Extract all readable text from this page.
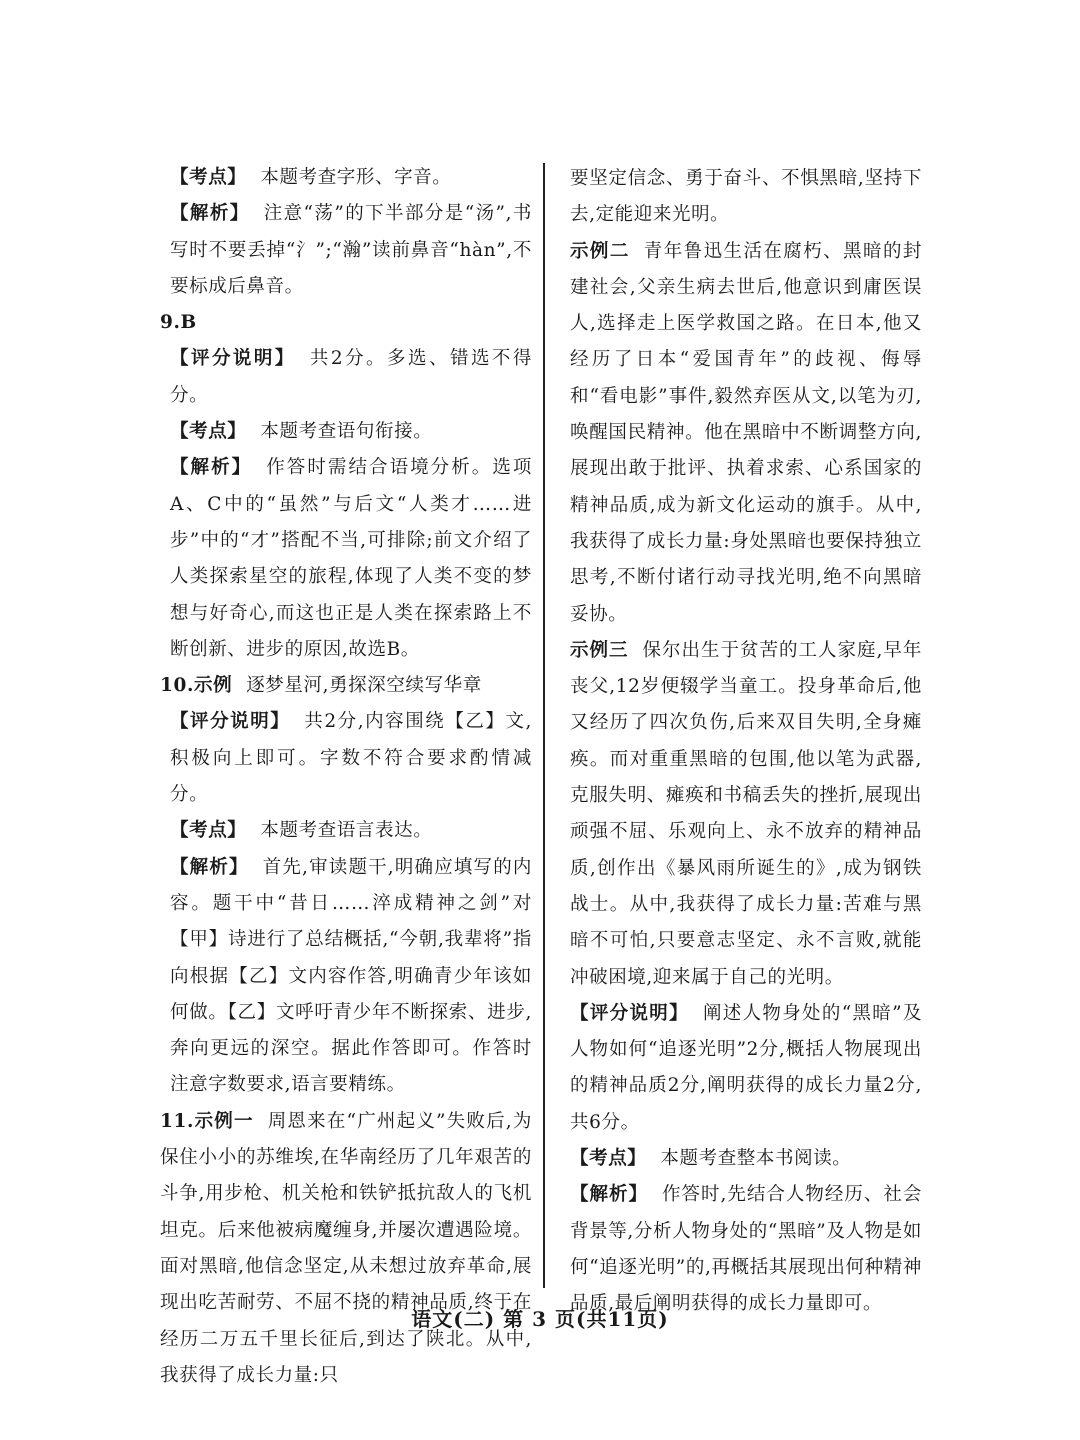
【考点】 本题考查字形、字音。

【解析】 注意“荡”的下半部分是“汤”,书写时不要丢掉“氵”;“瀚”读前鼻音“hàn”,不要标成后鼻音。

9.B

【评分说明】 共2分。多选、错选不得分。

【考点】 本题考查语句衔接。

【解析】 作答时需结合语境分析。选项A、C中的“虽然”与后文“人类才……进步”中的“才”搭配不当,可排除;前文介绍了人类探索星空的旅程,体现了人类不变的梦想与好奇心,而这也正是人类在探索路上不断创新、进步的原因,故选B。

10.示例 逐梦星河,勇探深空续写华章

【评分说明】 共2分,内容围绕【乙】文,积极向上即可。字数不符合要求酌情减分。

【考点】 本题考查语言表达。

【解析】 首先,审读题干,明确应填写的内容。题干中“昔日……淬成精神之剑”对【甲】诗进行了总结概括,“今朝,我辈将”指向根据【乙】文内容作答,明确青少年该如何做。【乙】文呼吁青少年不断探索、进步,奔向更远的深空。据此作答即可。作答时注意字数要求,语言要精练。

11.示例一 周恩来在“广州起义”失败后,为保住小小的苏维埃,在华南经历了几年艰苦的斗争,用步枪、机关枪和铁铲抵抗敌人的飞机坦克。后来他被病魔缠身,并屡次遭遇险境。面对黑暗,他信念坚定,从未想过放弃革命,展现出吃苦耐劳、不屈不挠的精神品质,终于在经历二万五千里长征后,到达了陕北。从中,我获得了成长力量:只

要坚定信念、勇于奋斗、不惧黑暗,坚持下去,定能迎来光明。

示例二 青年鲁迅生活在腐朽、黑暗的封建社会,父亲生病去世后,他意识到庸医误人,选择走上医学救国之路。在日本,他又经历了日本“爱国青年”的歧视、侮辱和“看电影”事件,毅然弃医从文,以笔为刃,唤醒国民精神。他在黑暗中不断调整方向,展现出敢于批评、执着求索、心系国家的精神品质,成为新文化运动的旗手。从中,我获得了成长力量:身处黑暗也要保持独立思考,不断付诸行动寻找光明,绝不向黑暗妥协。

示例三 保尔出生于贫苦的工人家庭,早年丧父,12岁便辍学当童工。投身革命后,他又经历了四次负伤,后来双目失明,全身瘫痪。而对重重黑暗的包围,他以笔为武器,克服失明、瘫痪和书稿丢失的挫折,展现出顽强不屈、乐观向上、永不放弃的精神品质,创作出《暴风雨所诞生的》,成为钢铁战士。从中,我获得了成长力量:苦难与黑暗不可怕,只要意志坚定、永不言败,就能冲破困境,迎来属于自己的光明。

【评分说明】 阐述人物身处的“黑暗”及人物如何“追逐光明”2分,概括人物展现出的精神品质2分,阐明获得的成长力量2分,共6分。

【考点】 本题考查整本书阅读。

【解析】 作答时,先结合人物经历、社会背景等,分析人物身处的“黑暗”及人物是如何“追逐光明”的,再概括其展现出何种精神品质,最后阐明获得的成长力量即可。

语文(二) 第 3 页(共11页)
